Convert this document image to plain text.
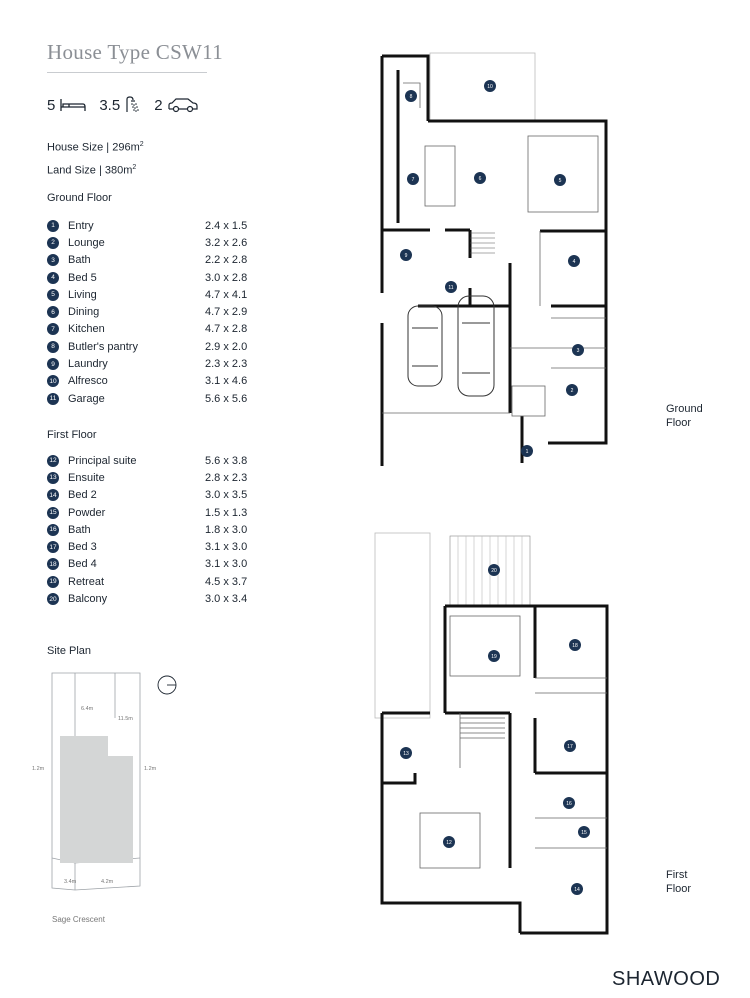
House Type CSW11
5	3.5 2
House Size | $296m^2$
Land Size | $380m^2$
Ground Floor
1	Entry	2.4 x 1.5
2	Lounge	3.2 x 2.6
3	Bath	2.2 x 2.8
4	Bed 5	3.0 x 2.8
5	Living	4.7 x 4.1
6	Dining	4.7 x 2.9
7	Kitchen	4.7 x 2.8
8	Butler's pantry	2.9 x 2.0
9	Laundry	2.3 x 2.3
10 Alfresco	3.1 x 4.6
11 Garage	5.6 x 5.6
First Floor
12 Principal suite	5.6 x 3.8
13 Ensuite	2.8 x 2.3
14 Bed 2	3.0 x 3.5
15 Powder	1.5 x 1.3
16 Bath	1.8 x 3.0
17 Bed 3	3.1 x 3.0
18 Bed 4	3.1 x 3.0
19 Retreat	4.5 x 3.7
20 Balcony	3.0 x 3.4
Site Plan
6.4m
11.5m
1.2m	1.2m
3.4m	4.2m
Sage Crescent
8
10
7	6	5
9
4
11
3
2
1
Ground
Floor
20
19
18
13
17
16
15
12
14
First
Floor
SHAWOOD
